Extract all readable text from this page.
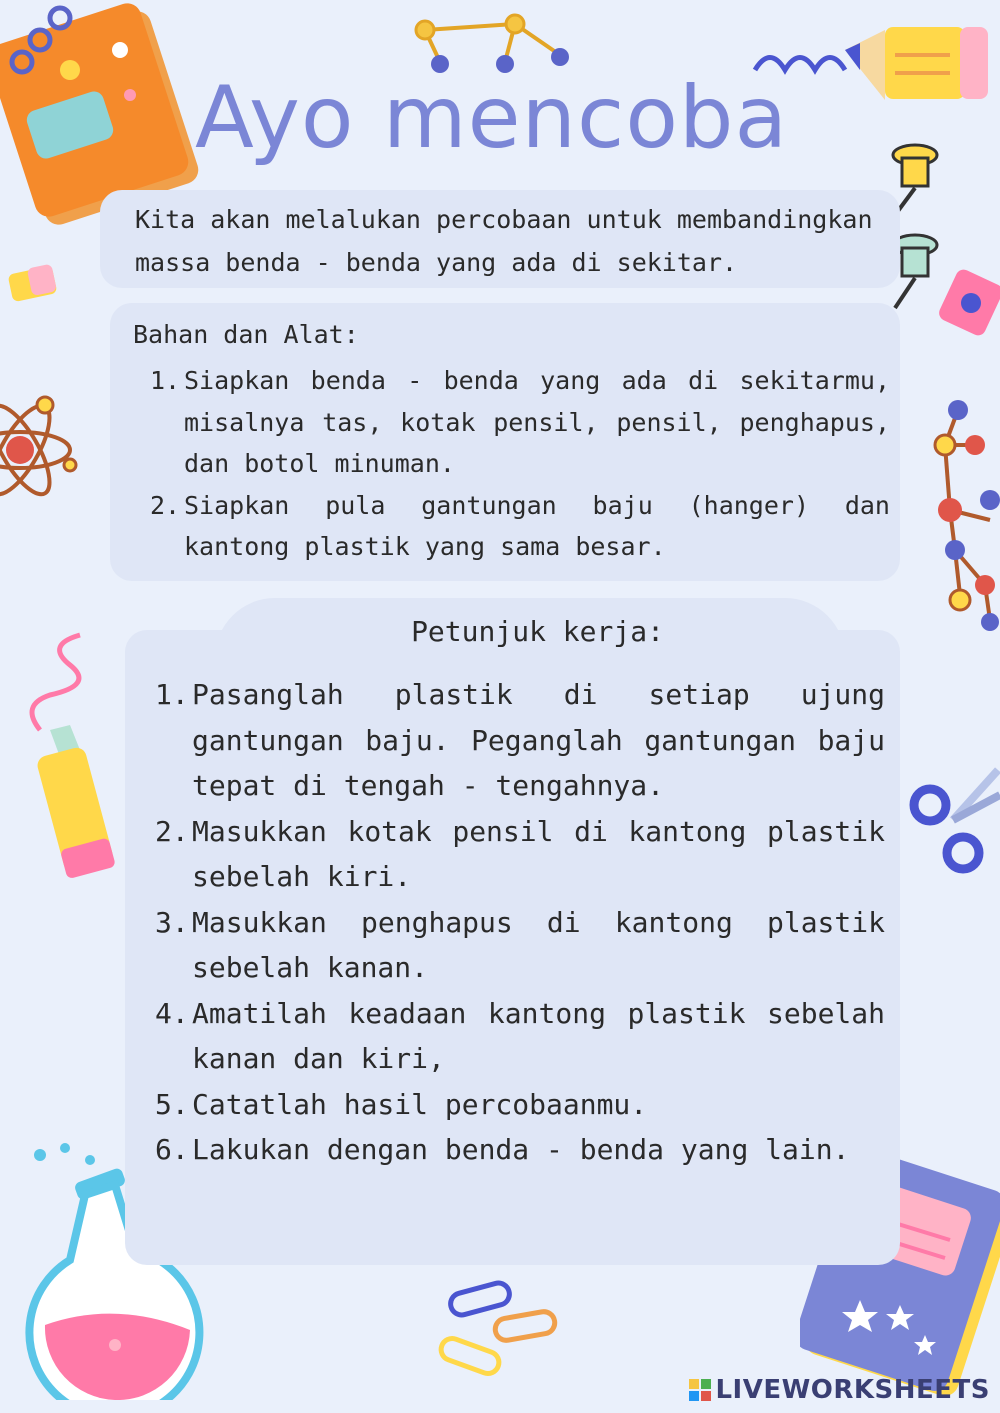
Ayo mencoba

Kita akan melalukan percobaan untuk membandingkan massa benda - benda yang ada di sekitar.

Bahan dan Alat:
1. Siapkan benda - benda yang ada di sekitarmu, misalnya tas, kotak pensil, pensil, penghapus, dan botol minuman.
2. Siapkan pula gantungan baju (hanger) dan kantong plastik yang sama besar.
Petunjuk kerja:
1. Pasanglah plastik di setiap ujung gantungan baju. Peganglah gantungan baju tepat di tengah - tengahnya.
2. Masukkan kotak pensil di kantong plastik sebelah kiri.
3. Masukkan penghapus di kantong plastik sebelah kanan.
4. Amatilah keadaan kantong plastik sebelah kanan dan kiri,
5. Catatlah hasil percobaanmu.
6. Lakukan dengan benda - benda yang lain.
LIVEWORKSHEETS
